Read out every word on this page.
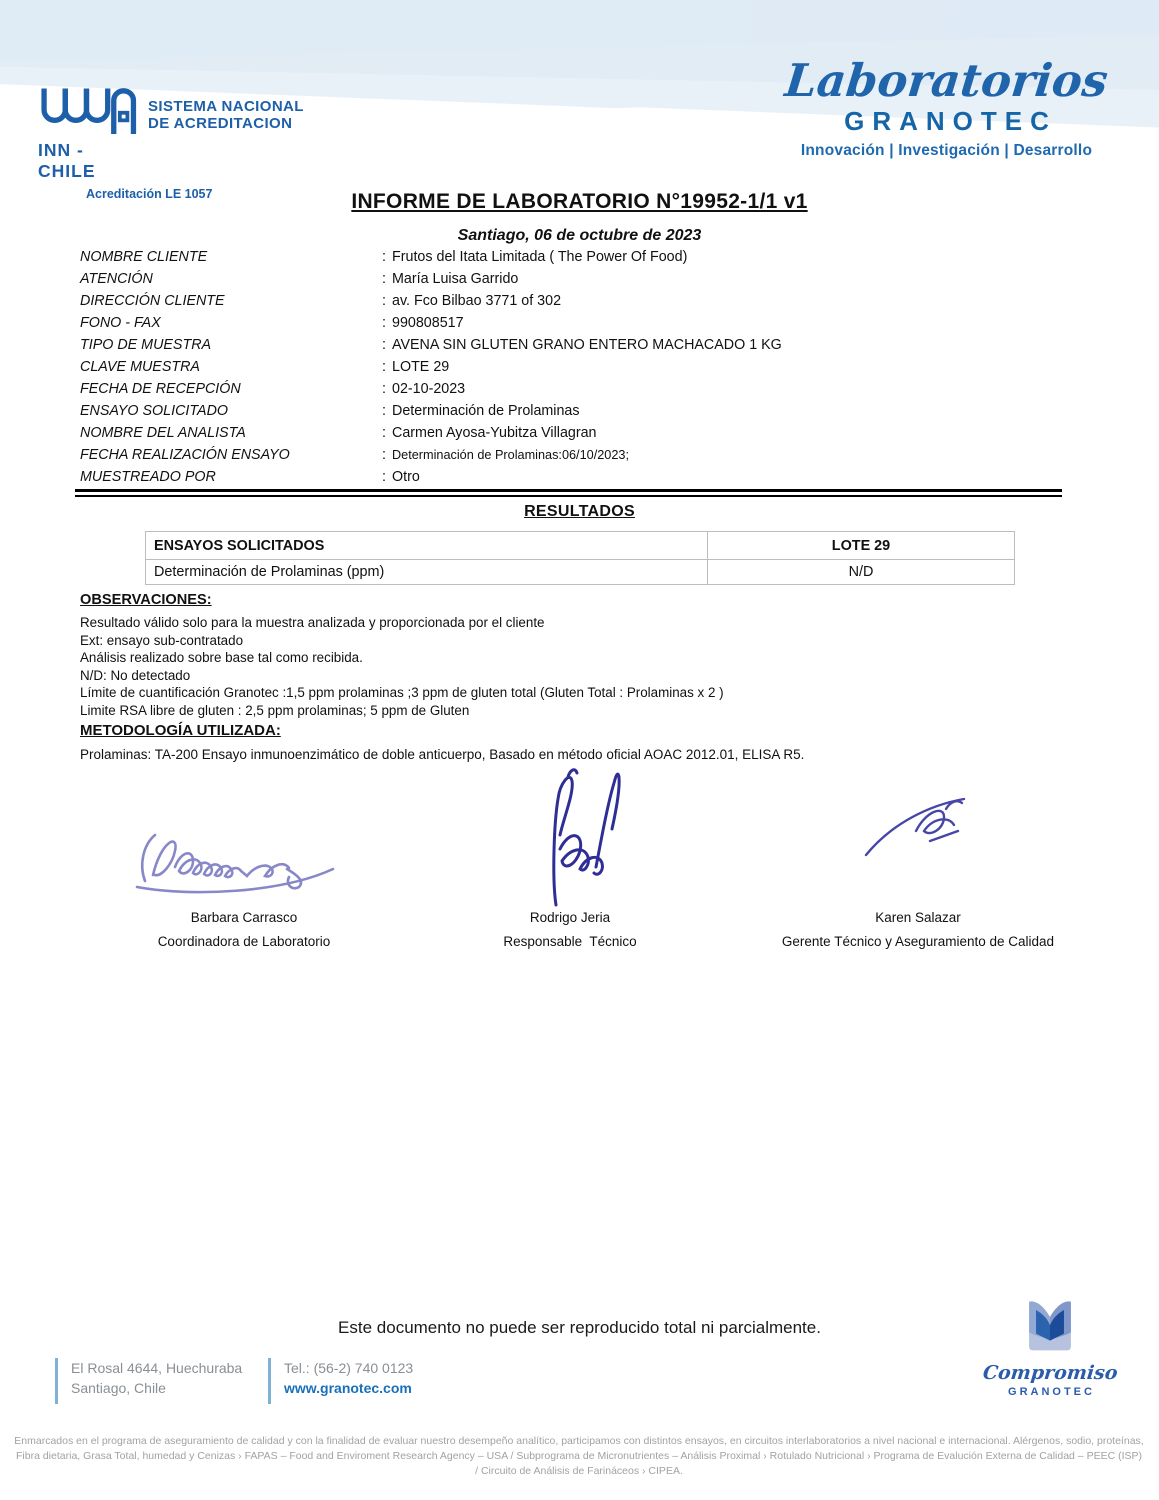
INN - CHILE
SISTEMA NACIONAL
DE ACREDITACION
Acreditación LE 1057
Laboratorios
GRANOTEC
Innovación | Investigación | Desarrollo
INFORME DE LABORATORIO N°19952-1/1 v1
Santiago, 06 de octubre de 2023
NOMBRE CLIENTE	: Frutos del Itata Limitada ( The Power Of Food)
ATENCIÓN	: María Luisa Garrido
DIRECCIÓN CLIENTE	: av. Fco Bilbao 3771 of 302
FONO - FAX	: 990808517
TIPO DE MUESTRA	: AVENA SIN GLUTEN GRANO ENTERO MACHACADO 1 KG
CLAVE MUESTRA	: LOTE 29
FECHA DE RECEPCIÓN	: 02-10-2023
ENSAYO SOLICITADO	: Determinación de Prolaminas
NOMBRE DEL ANALISTA	: Carmen Ayosa-Yubitza Villagran
FECHA REALIZACIÓN ENSAYO	: Determinación de Prolaminas:06/10/2023;
MUESTREADO POR	: Otro
RESULTADOS
ENSAYOS SOLICITADOS	LOTE 29
Determinación de Prolaminas (ppm)	N/D
OBSERVACIONES:
Resultado válido solo para la muestra analizada y proporcionada por el cliente
Ext: ensayo sub-contratado
Análisis realizado sobre base tal como recibida.
N/D: No detectado
Límite de cuantificación Granotec :1,5 ppm prolaminas ;3 ppm de gluten total (Gluten Total : Prolaminas x 2 )
Limite RSA libre de gluten : 2,5 ppm prolaminas; 5 ppm de Gluten
METODOLOGÍA UTILIZADA:
Prolaminas: TA-200 Ensayo inmunoenzimático de doble anticuerpo, Basado en método oficial AOAC 2012.01, ELISA R5.
Barbara Carrasco
Coordinadora de Laboratorio
Rodrigo Jeria
Responsable  Técnico
Karen Salazar
Gerente Técnico y Aseguramiento de Calidad
Este documento no puede ser reproducido total ni parcialmente.
El Rosal 4644, Huechuraba
Santiago, Chile
Tel.: (56-2) 740 0123
www.granotec.com
Compromiso
GRANOTEC
Enmarcados en el programa de aseguramiento de calidad y con la finalidad de evaluar nuestro desempeño analítico, participamos con distintos ensayos, en circuitos interlaboratorios a nivel nacional e internacional. Alérgenos, sodio, proteínas, Fibra dietaria, Grasa Total, humedad y Cenizas › FAPAS – Food and Enviroment Research Agency – USA / Subprograma de Micronutrientes – Análisis Proximal › Rotulado Nutricional › Programa de Evalución Externa de Calidad – PEEC (ISP) / Circuito de Análisis de Farináceos › CIPEA.
